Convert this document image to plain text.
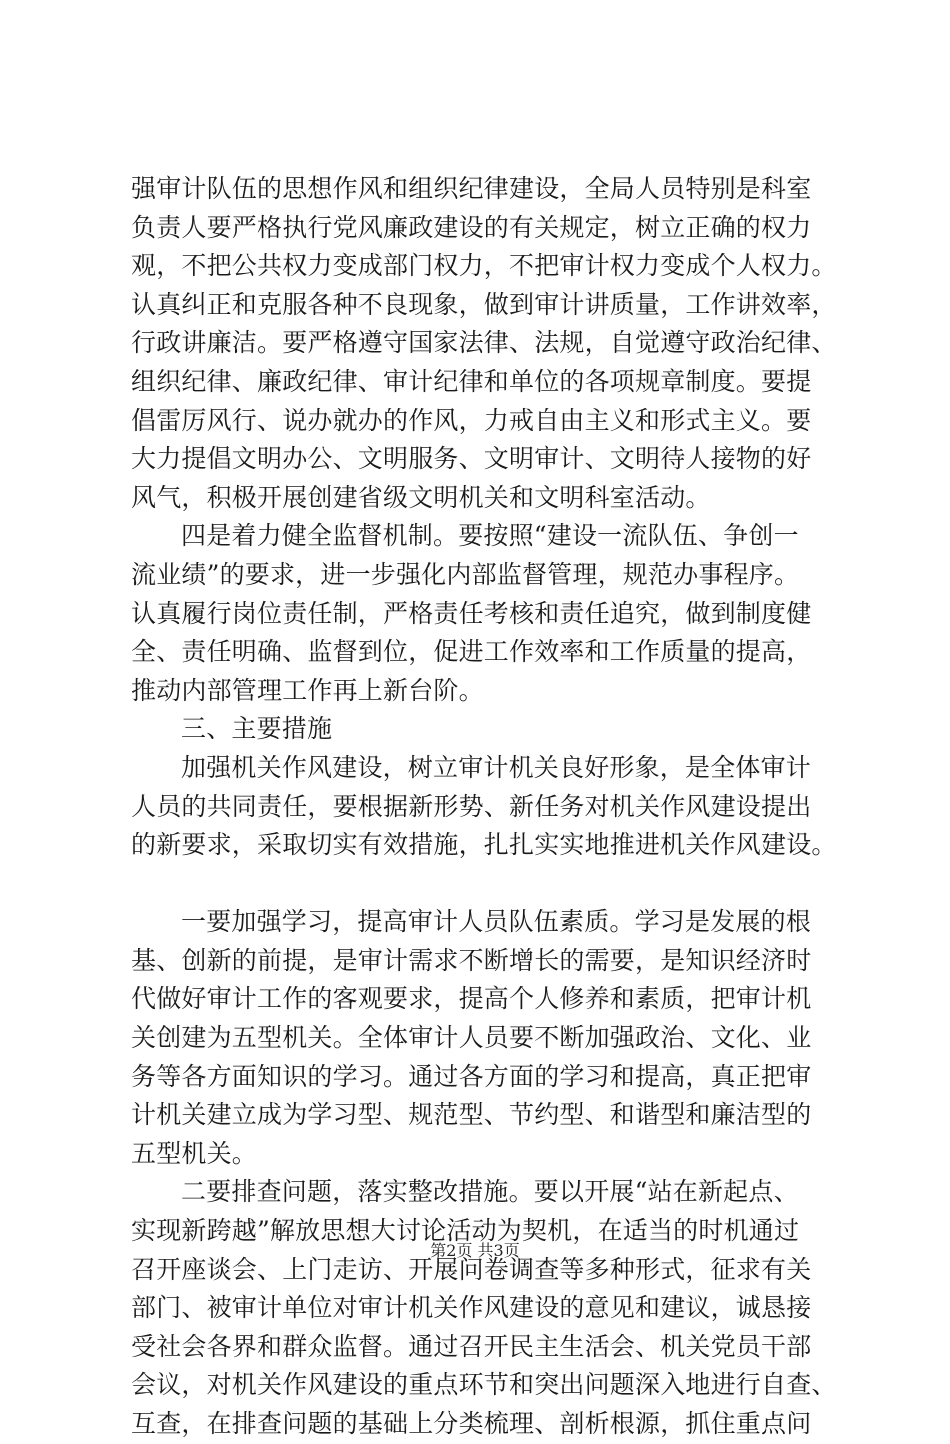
强审计队伍的思想作风和组织纪律建设，全局人员特别是科室
负责人要严格执行党风廉政建设的有关规定，树立正确的权力
观，不把公共权力变成部门权力，不把审计权力变成个人权力。
认真纠正和克服各种不良现象，做到审计讲质量，工作讲效率，
行政讲廉洁。要严格遵守国家法律、法规，自觉遵守政治纪律、
组织纪律、廉政纪律、审计纪律和单位的各项规章制度。要提
倡雷厉风行、说办就办的作风，力戒自由主义和形式主义。要
大力提倡文明办公、文明服务、文明审计、文明待人接物的好
风气，积极开展创建省级文明机关和文明科室活动。
四是着力健全监督机制。要按照“建设一流队伍、争创一
流业绩”的要求，进一步强化内部监督管理，规范办事程序。
认真履行岗位责任制，严格责任考核和责任追究，做到制度健
全、责任明确、监督到位，促进工作效率和工作质量的提高，
推动内部管理工作再上新台阶。
三、主要措施
加强机关作风建设，树立审计机关良好形象，是全体审计
人员的共同责任，要根据新形势、新任务对机关作风建设提出
的新要求，采取切实有效措施，扎扎实实地推进机关作风建设。
一要加强学习，提高审计人员队伍素质。学习是发展的根
基、创新的前提，是审计需求不断增长的需要，是知识经济时
代做好审计工作的客观要求，提高个人修养和素质，把审计机
关创建为五型机关。全体审计人员要不断加强政治、文化、业
务等各方面知识的学习。通过各方面的学习和提高，真正把审
计机关建立成为学习型、规范型、节约型、和谐型和廉洁型的
五型机关。
二要排查问题，落实整改措施。要以开展“站在新起点、
实现新跨越”解放思想大讨论活动为契机，在适当的时机通过
召开座谈会、上门走访、开展问卷调查等多种形式，征求有关
部门、被审计单位对审计机关作风建设的意见和建议，诚恳接
受社会各界和群众监督。通过召开民主生活会、机关党员干部
会议，对机关作风建设的重点环节和突出问题深入地进行自查、
互查，在排查问题的基础上分类梳理、剖析根源，抓住重点问
第2页 共3页
